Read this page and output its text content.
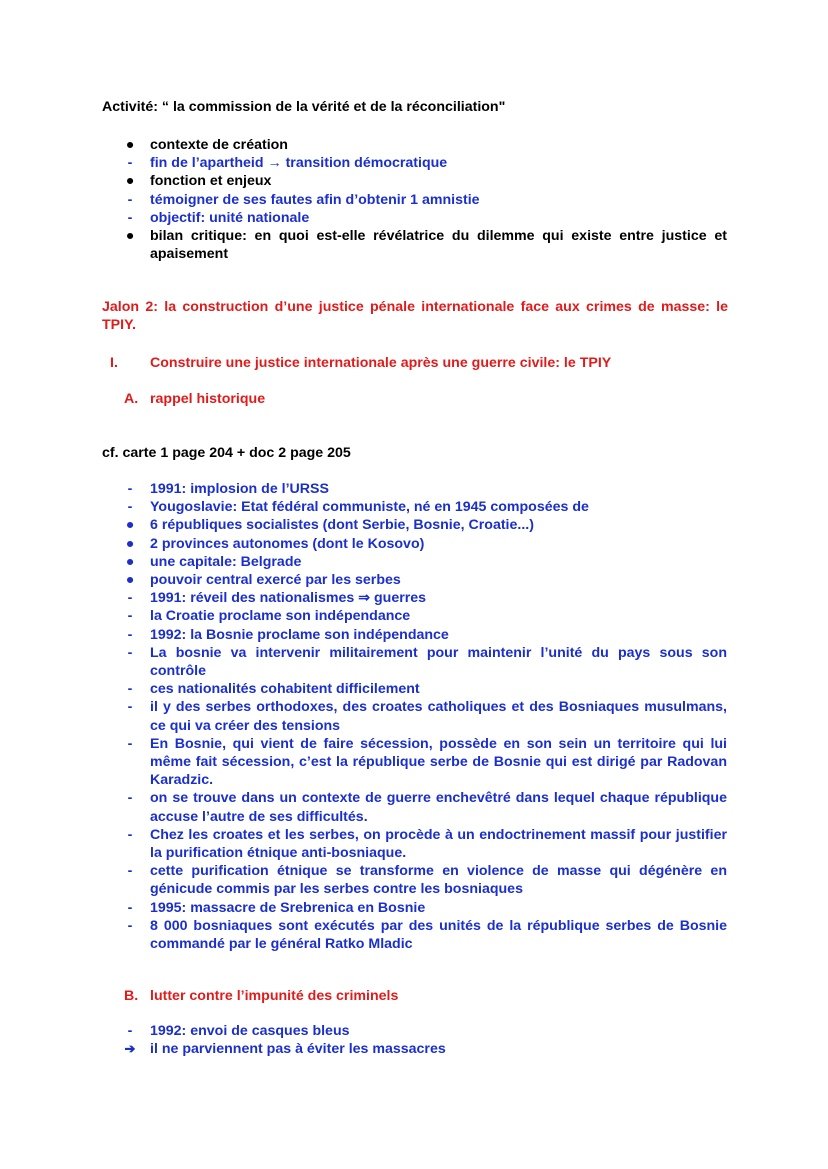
Activité: “ la commission de la vérité et de la réconciliation"
● contexte de création
- fin de l’apartheid → transition démocratique
● fonction et enjeux
- témoigner de ses fautes afin d’obtenir 1 amnistie
- objectif: unité nationale
● bilan critique: en quoi est-elle révélatrice du dilemme qui existe entre justice et apaisement
Jalon 2: la construction d’une justice pénale internationale face aux crimes de masse: le TPIY.
I. Construire une justice internationale après une guerre civile: le TPIY
A. rappel historique
cf. carte 1 page 204 + doc 2 page 205
- 1991: implosion de l’URSS
- Yougoslavie: Etat fédéral communiste, né en 1945 composées de
● 6 républiques socialistes (dont Serbie, Bosnie, Croatie...)
● 2 provinces autonomes (dont le Kosovo)
● une capitale: Belgrade
● pouvoir central exercé par les serbes
- 1991: réveil des nationalismes ⇒ guerres
- la Croatie proclame son indépendance
- 1992: la Bosnie proclame son indépendance
- La bosnie va intervenir militairement pour maintenir l’unité du pays sous son contrôle
- ces nationalités cohabitent difficilement
- il y des serbes orthodoxes, des croates catholiques et des Bosniaques musulmans, ce qui va créer des tensions
- En Bosnie, qui vient de faire sécession, possède en son sein un territoire qui lui même fait sécession, c’est la république serbe de Bosnie qui est dirigé par Radovan Karadzic.
- on se trouve dans un contexte de guerre enchevêtré dans lequel chaque république accuse l’autre de ses difficultés.
- Chez les croates et les serbes, on procède à un endoctrinement massif pour justifier la purification étnique anti-bosniaque.
- cette purification étnique se transforme en violence de masse qui dégénère en génicude commis par les serbes contre les bosniaques
- 1995: massacre de Srebrenica en Bosnie
- 8 000 bosniaques sont exécutés par des unités de la république serbes de Bosnie commandé par le général Ratko Mladic
B. lutter contre l’impunité des criminels
- 1992: envoi de casques bleus
➔ il ne parviennent pas à éviter les massacres
